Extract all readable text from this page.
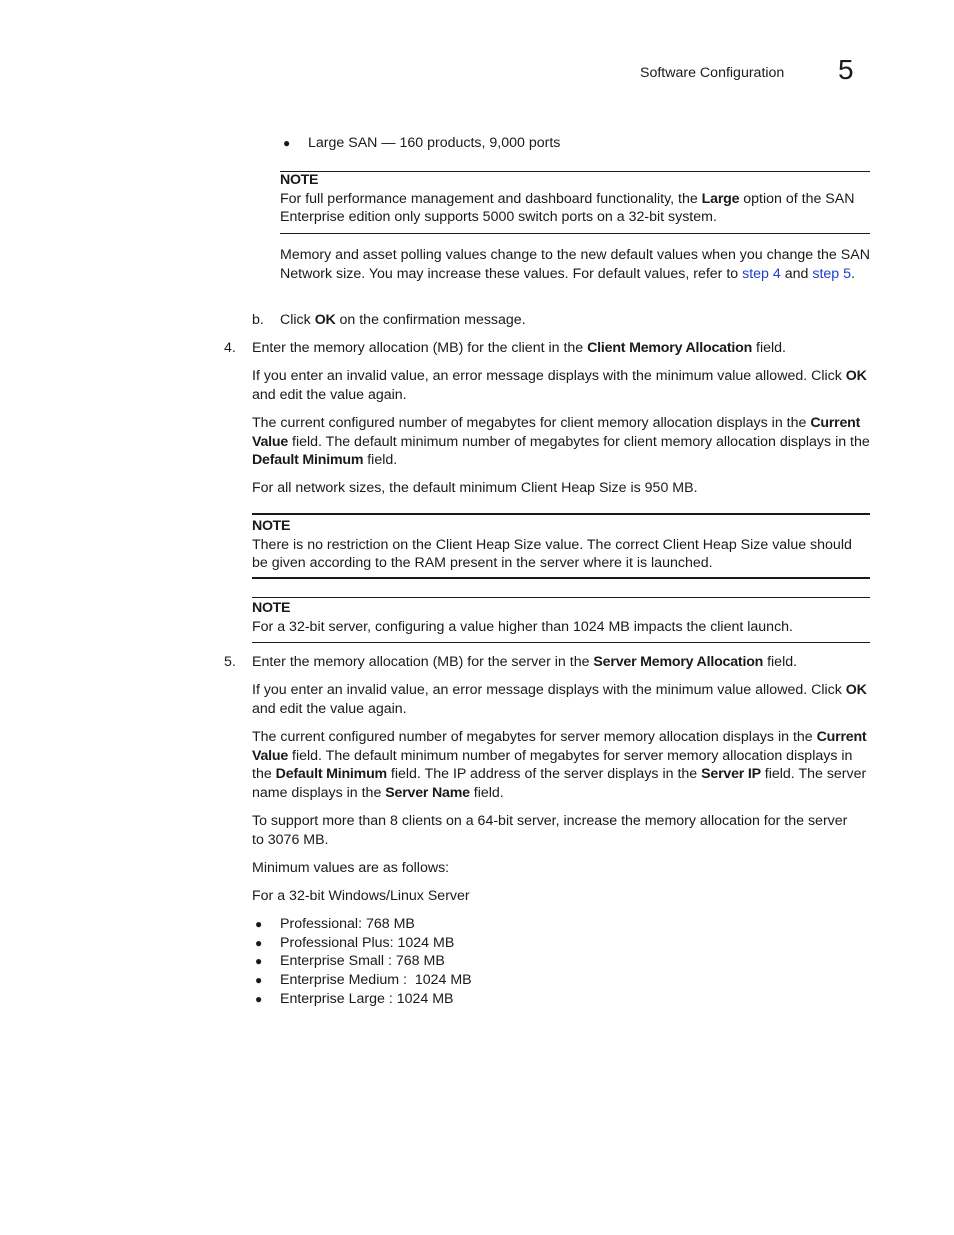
Software Configuration 5
● Large SAN — 160 products, 9,000 ports

NOTE

For full performance management and dashboard functionality, the Large option of the SAN Enterprise edition only supports 5000 switch ports on a 32-bit system.

Memory and asset polling values change to the new default values when you change the SAN Network size. You may increase these values. For default values, refer to step 4 and step 5.

b. Click OK on the confirmation message.

4. Enter the memory allocation (MB) for the client in the Client Memory Allocation field.

If you enter an invalid value, an error message displays with the minimum value allowed. Click OK and edit the value again.

The current configured number of megabytes for client memory allocation displays in the Current Value field. The default minimum number of megabytes for client memory allocation displays in the Default Minimum field.

For all network sizes, the default minimum Client Heap Size is 950 MB.

NOTE

There is no restriction on the Client Heap Size value. The correct Client Heap Size value should be given according to the RAM present in the server where it is launched.

NOTE

For a 32-bit server, configuring a value higher than 1024 MB impacts the client launch.

5. Enter the memory allocation (MB) for the server in the Server Memory Allocation field.

If you enter an invalid value, an error message displays with the minimum value allowed. Click OK and edit the value again.

The current configured number of megabytes for server memory allocation displays in the Current Value field. The default minimum number of megabytes for server memory allocation displays in the Default Minimum field. The IP address of the server displays in the Server IP field. The server name displays in the Server Name field.

To support more than 8 clients on a 64-bit server, increase the memory allocation for the server to 3076 MB.
Minimum values are as follows:
For a 32-bit Windows/Linux Server
● Professional: 768 MB
● Professional Plus: 1024 MB
● Enterprise Small : 768 MB
● Enterprise Medium :  1024 MB
● Enterprise Large : 1024 MB
